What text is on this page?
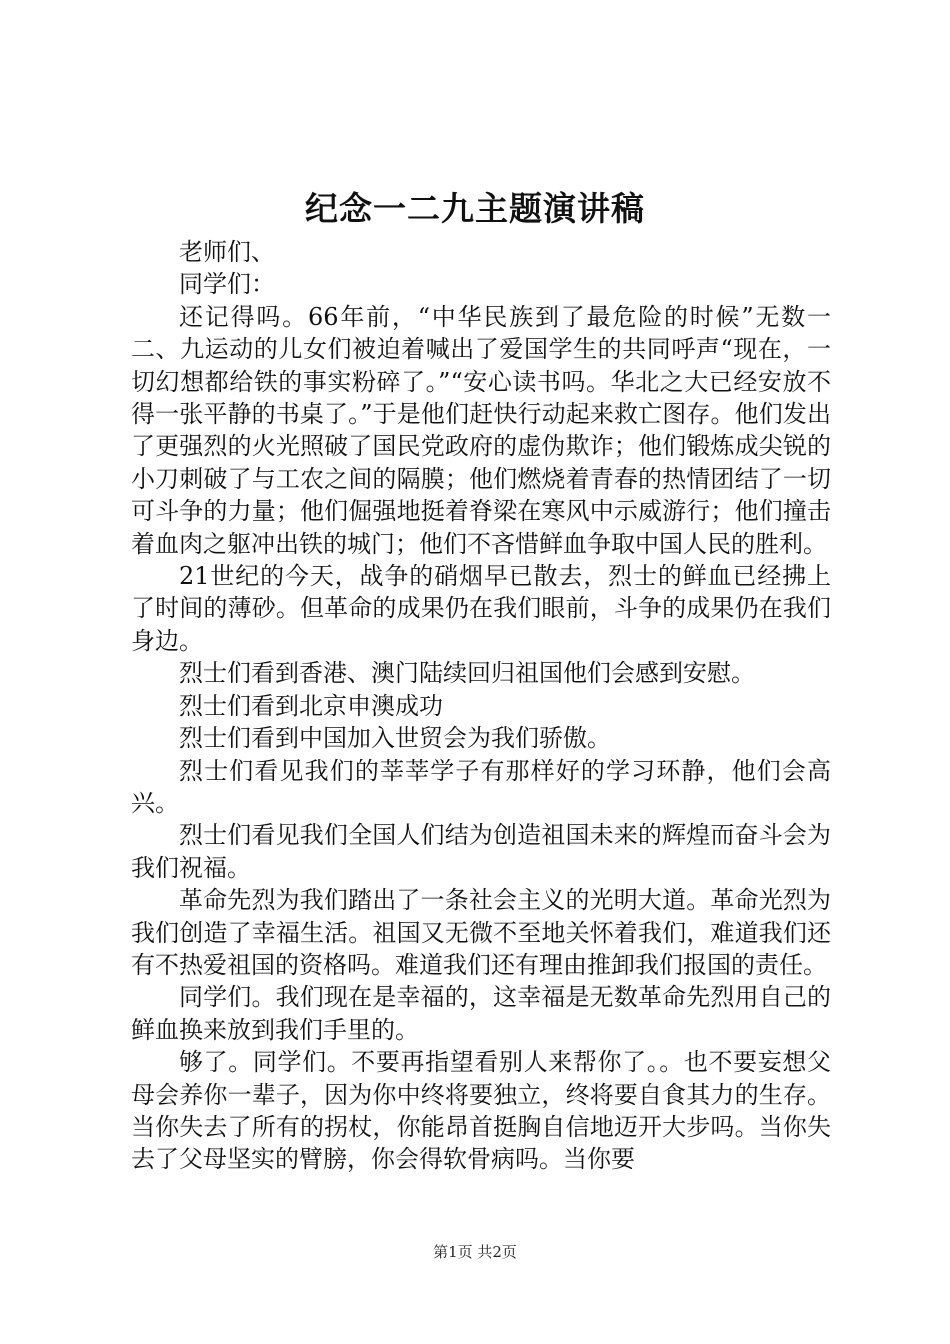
纪念一二九主题演讲稿

老师们、

同学们：

还记得吗。66年前，“中华民族到了最危险的时候”无数一二、九运动的儿女们被迫着喊出了爱国学生的共同呼声“现在，一切幻想都给铁的事实粉碎了。”“安心读书吗。华北之大已经安放不得一张平静的书桌了。”于是他们赶快行动起来救亡图存。他们发出了更强烈的火光照破了国民党政府的虚伪欺诈；他们锻炼成尖锐的小刀刺破了与工农之间的隔膜；他们燃烧着青春的热情团结了一切可斗争的力量；他们倔强地挺着脊梁在寒风中示威游行；他们撞击着血肉之躯冲出铁的城门；他们不吝惜鲜血争取中国人民的胜利。

21世纪的今天，战争的硝烟早已散去，烈士的鲜血已经拂上了时间的薄砂。但革命的成果仍在我们眼前，斗争的成果仍在我们身边。

烈士们看到香港、澳门陆续回归祖国他们会感到安慰。

烈士们看到北京申澳成功

烈士们看到中国加入世贸会为我们骄傲。

烈士们看见我们的莘莘学子有那样好的学习环静，他们会高兴。

烈士们看见我们全国人们结为创造祖国未来的辉煌而奋斗会为我们祝福。

革命先烈为我们踏出了一条社会主义的光明大道。革命光烈为我们创造了幸福生活。祖国又无微不至地关怀着我们，难道我们还有不热爱祖国的资格吗。难道我们还有理由推卸我们报国的责任。

同学们。我们现在是幸福的，这幸福是无数革命先烈用自己的鲜血换来放到我们手里的。

够了。同学们。不要再指望看别人来帮你了。。也不要妄想父母会养你一辈子，因为你中终将要独立，终将要自食其力的生存。当你失去了所有的拐杖，你能昂首挺胸自信地迈开大步吗。当你失去了父母坚实的臂膀，你会得软骨病吗。当你要

第1页 共2页
